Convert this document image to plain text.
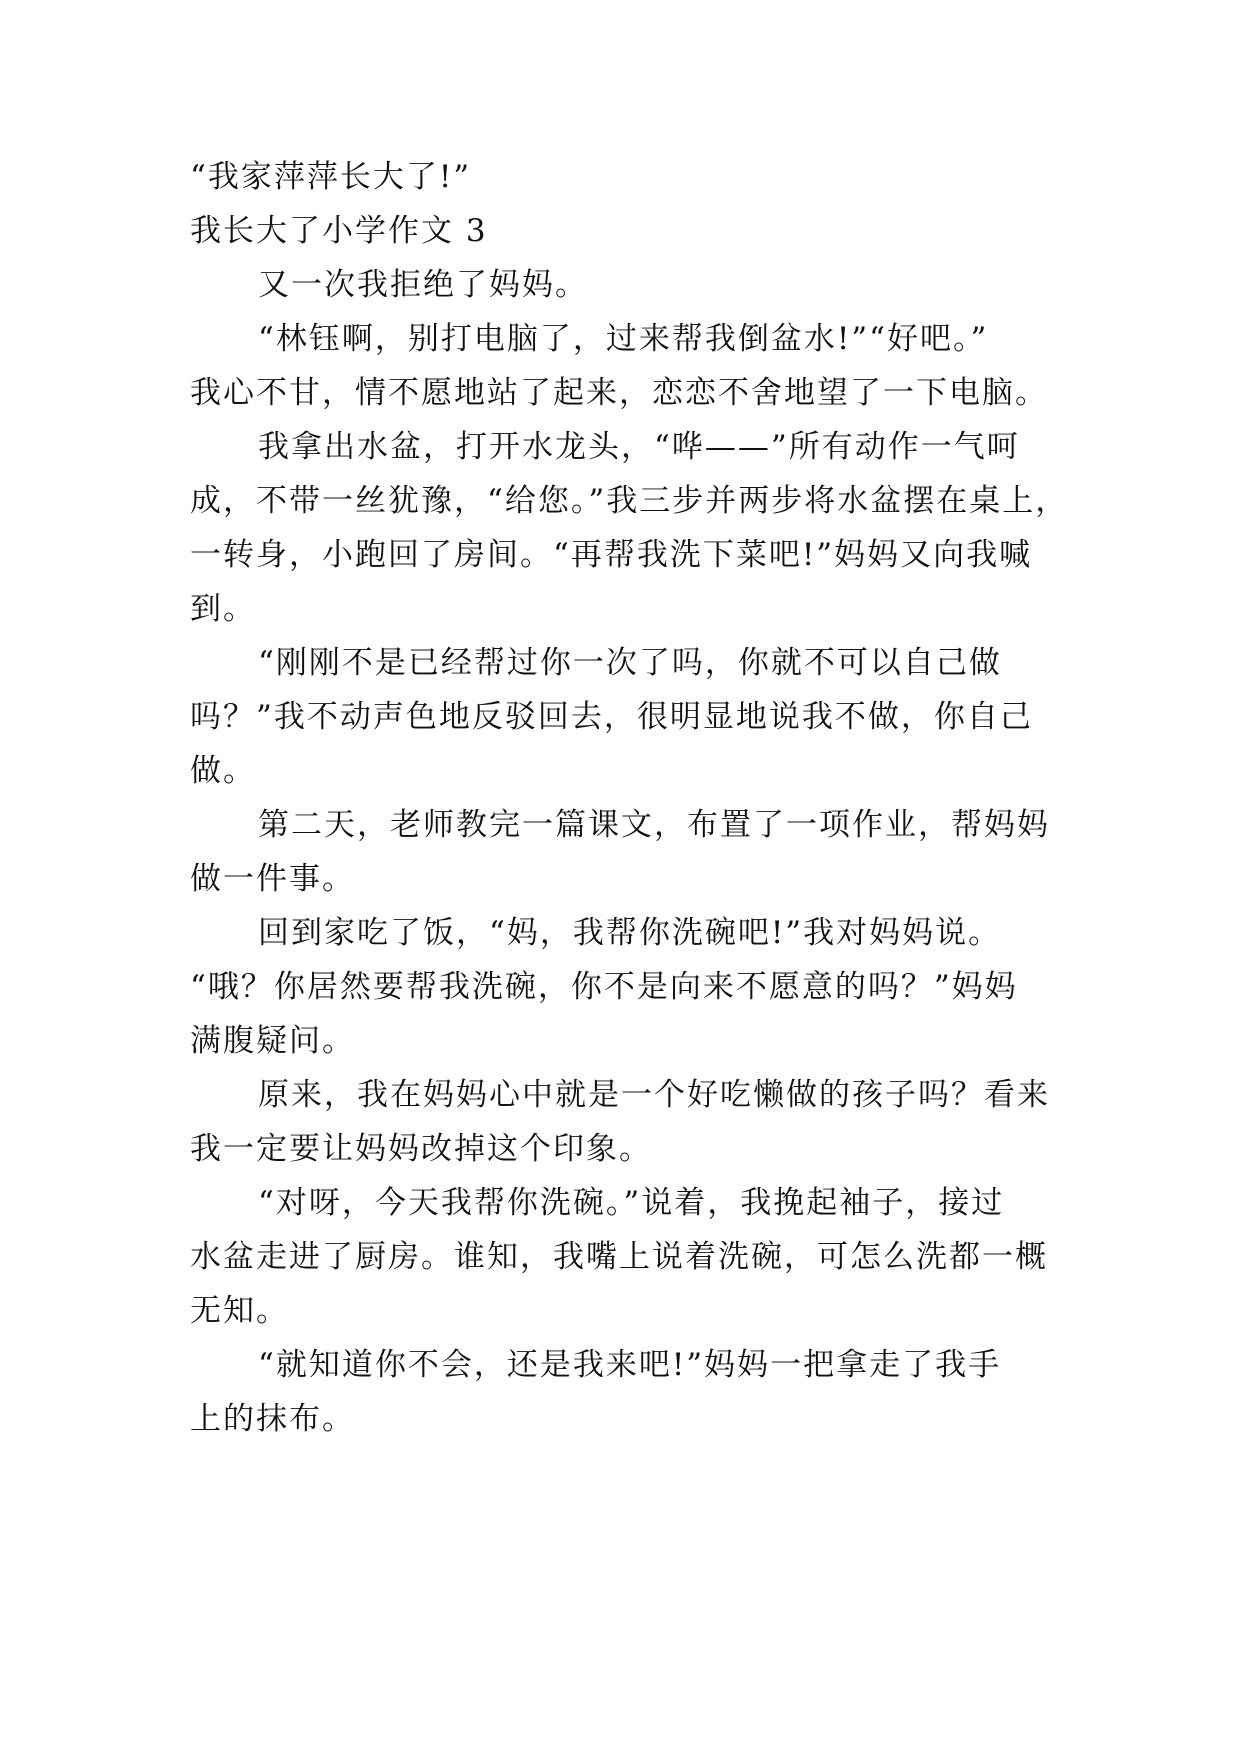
“我家萍萍长大了!”

我长大了小学作文 3

又一次我拒绝了妈妈。

“林钰啊，别打电脑了，过来帮我倒盆水!”“好吧。”

我心不甘，情不愿地站了起来，恋恋不舍地望了一下电脑。

我拿出水盆，打开水龙头，“哗——”所有动作一气呵

成，不带一丝犹豫，“给您。”我三步并两步将水盆摆在桌上，

一转身，小跑回了房间。“再帮我洗下菜吧!”妈妈又向我喊

到。

“刚刚不是已经帮过你一次了吗，你就不可以自己做

吗？”我不动声色地反驳回去，很明显地说我不做，你自己

做。

第二天，老师教完一篇课文，布置了一项作业，帮妈妈

做一件事。

回到家吃了饭，“妈，我帮你洗碗吧!”我对妈妈说。

“哦？你居然要帮我洗碗，你不是向来不愿意的吗？”妈妈

满腹疑问。

原来，我在妈妈心中就是一个好吃懒做的孩子吗？看来

我一定要让妈妈改掉这个印象。

“对呀，今天我帮你洗碗。”说着，我挽起袖子，接过

水盆走进了厨房。谁知，我嘴上说着洗碗，可怎么洗都一概

无知。

“就知道你不会，还是我来吧!”妈妈一把拿走了我手

上的抹布。
